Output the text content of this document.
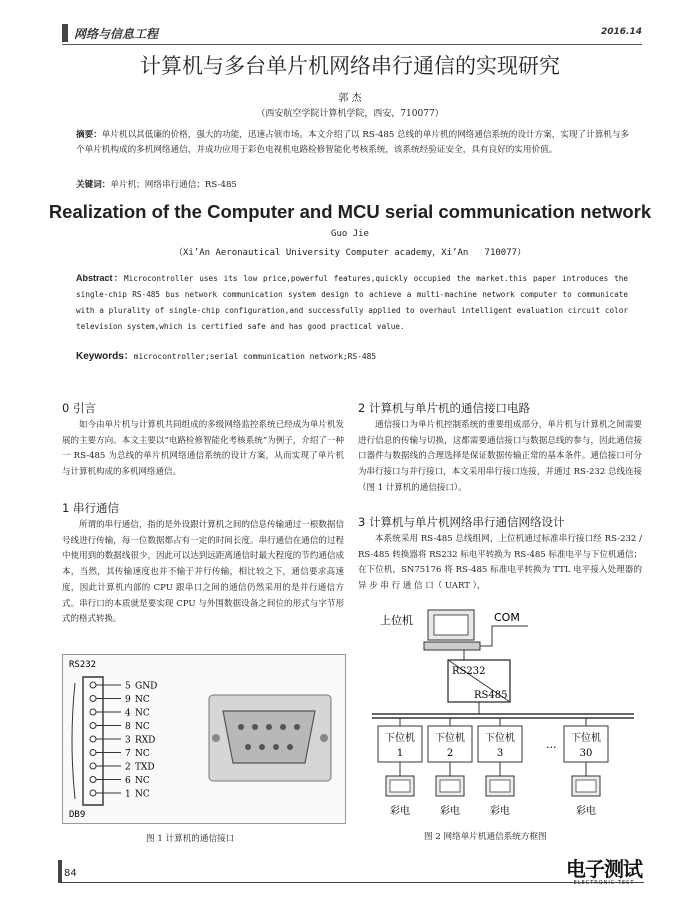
网络与信息工程	2016.14
计算机与多台单片机网络串行通信的实现研究
郭 杰
（西安航空学院计算机学院，西安，710077）
摘要：单片机以其低廉的价格，强大的功能，迅速占领市场。本文介绍了以 RS-485 总线的单片机的网络通信系统的设计方案，实现了计算机与多个单片机构成的多机网络通信，并成功应用于彩色电视机电路检修智能化考核系统，该系统经验证安全，具有良好的实用价值。
关键词：单片机；网络串行通信；RS-485
Realization of the Computer and MCU serial communication network
Guo Jie
（Xi’An Aeronautical University Computer academy，Xi’An   710077）
Abstract：Microcontroller uses its low price,powerful features,quickly occupied the market.this paper introduces the single-chip RS-485 bus network communication system design to achieve a multi-machine network computer to communicate with a plurality of single-chip configuration,and successfully applied to overhaul intelligent evaluation circuit color television system,which is certified safe and has good practical value.
Keywords：microcontroller;serial communication network;RS-485
0 引言
如今由单片机与计算机共同组成的多级网络监控系统已经成为单片机发展的主要方向。本文主要以“电路检修智能化考核系统”为例子，介绍了一种一 RS-485 为总线的单片机网络通信系统的设计方案，从而实现了单片机与计算机构成的多机网络通信。
1 串行通信
所谓的串行通信，指的是外设跟计算机之间的信息传输通过一根数据信号线进行传输，每一位数据都占有一定的时间长度。串行通信在通信的过程中使用到的数据线很少，因此可以达到远距离通信时最大程度的节约通信成本，当然，其传输速度也并不输于并行传输，相比较之下，通信要求高速度，因此计算机内部的 CPU 跟串口之间的通信仍然采用的是并行通信方式。串行口的本质就是要实现 CPU 与外围数据设备之间位的形式与字节形式的格式转换。
RS232
5 GND
9 NC
4 NC
8 NC
3 RXD
7 NC
2 TXD
6 NC
1 NC
DB9
图 1 计算机的通信接口
2 计算机与单片机的通信接口电路
通信接口为单片机控制系统的重要组成部分，单片机与计算机之间需要进行信息的传输与切换，这都需要通信接口与数据总线的参与，因此通信接口器件与数据线的合理选择是保证数据传输正常的基本条件。通信接口可分为串行接口与并行接口，本文采用串行接口连接，并通过 RS-232 总线连接（图 1 计算机的通信接口）。
3 计算机与单片机网络串行通信网络设计
本系统采用 RS-485 总线组网，上位机通过标准串行接口经 RS-232 / RS-485 转换器将 RS232 标电平转换为 RS-485 标准电平与下位机通信；在下位机，SN75176 将 RS-485 标准电平转换为 TTL 电平接入处理器的异 步 串 行 通 信 口（ UART ），
上位机	COM
RS232
RS485
下位机
1
彩电
下位机
2
彩电
下位机
3
彩电
下位机
30
彩电
...
图 2 网络单片机通信系统方框图
84	电子测试
ELECTRONIC TEST
